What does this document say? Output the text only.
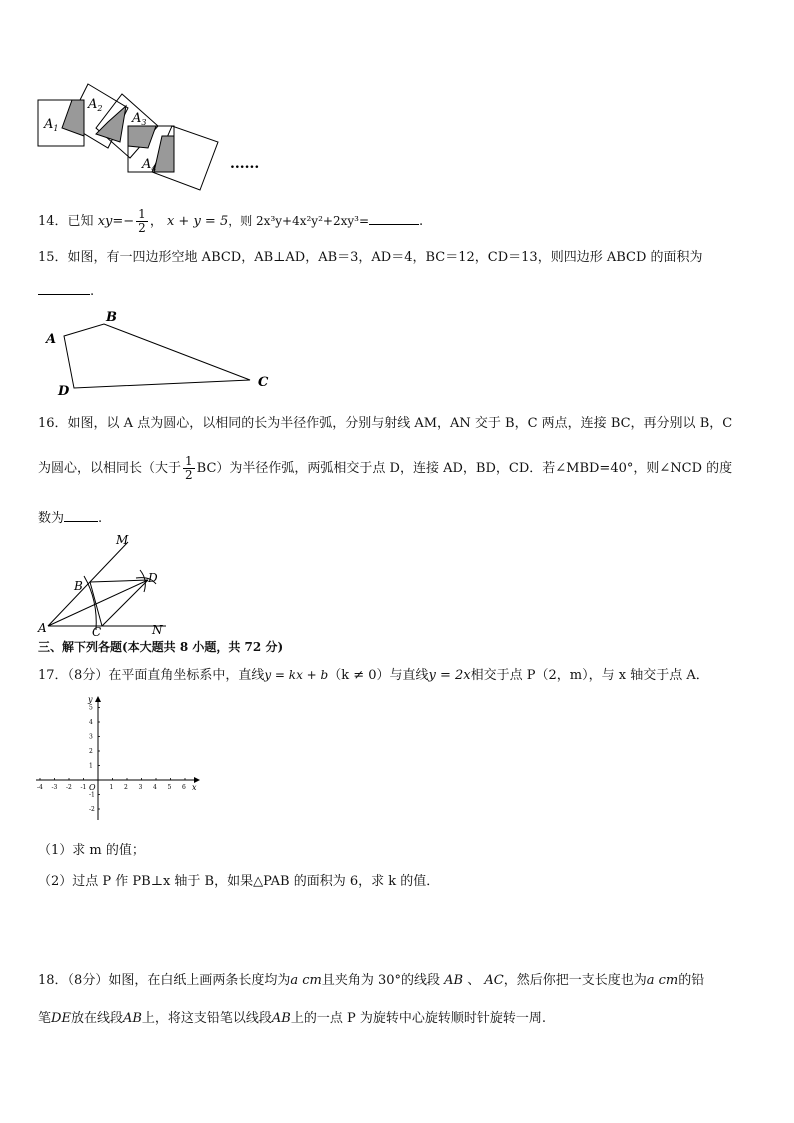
$A_1$
$A_2$
$A_3$
$A_4$	......
14．已知 $xy=- \frac{1}{2}$ ， x + y = 5，则 2x³y+4x²y²+2xy³=	.
15．如图，有一四边形空地 ABCD，AB⊥AD，AB＝3，AD＝4，BC＝12，CD＝13，则四边形 ABCD 的面积为
.
A
B
C
D
16．如图，以 A 点为圆心，以相同的长为半径作弧，分别与射线 AM，AN 交于 B，C 两点，连接 BC，再分别以 B，C
为圆心，以相同长（大于 $\frac{1}{2} BC$）为半径作弧，两弧相交于点 D，连接 AD，BD，CD．若∠MBD=40°，则∠NCD 的度
数为	.
M
B
D
A	C	N
三、解下列各题(本大题共 8 小题，共 72 分)
17．（8分）在平面直角坐标系中，直线y = kx + b（k ≠ 0）与直线y = 2x相交于点 P（2，m），与 x 轴交于点 A．
-4 -3 -2 -1	1 2 3 4 5 6
5
4
3
2
1
-1
-2
x
y
O
（1）求 m 的值；
（2）过点 P 作 PB⊥x 轴于 B，如果△PAB 的面积为 6，求 k 的值．
18．（8分）如图，在白纸上画两条长度均为a cm且夹角为 30°的线段 AB 、 AC，然后你把一支长度也为a cm的铅
笔DE放在线段AB上，将这支铅笔以线段AB上的一点 P 为旋转中心旋转顺时针旋转一周.
